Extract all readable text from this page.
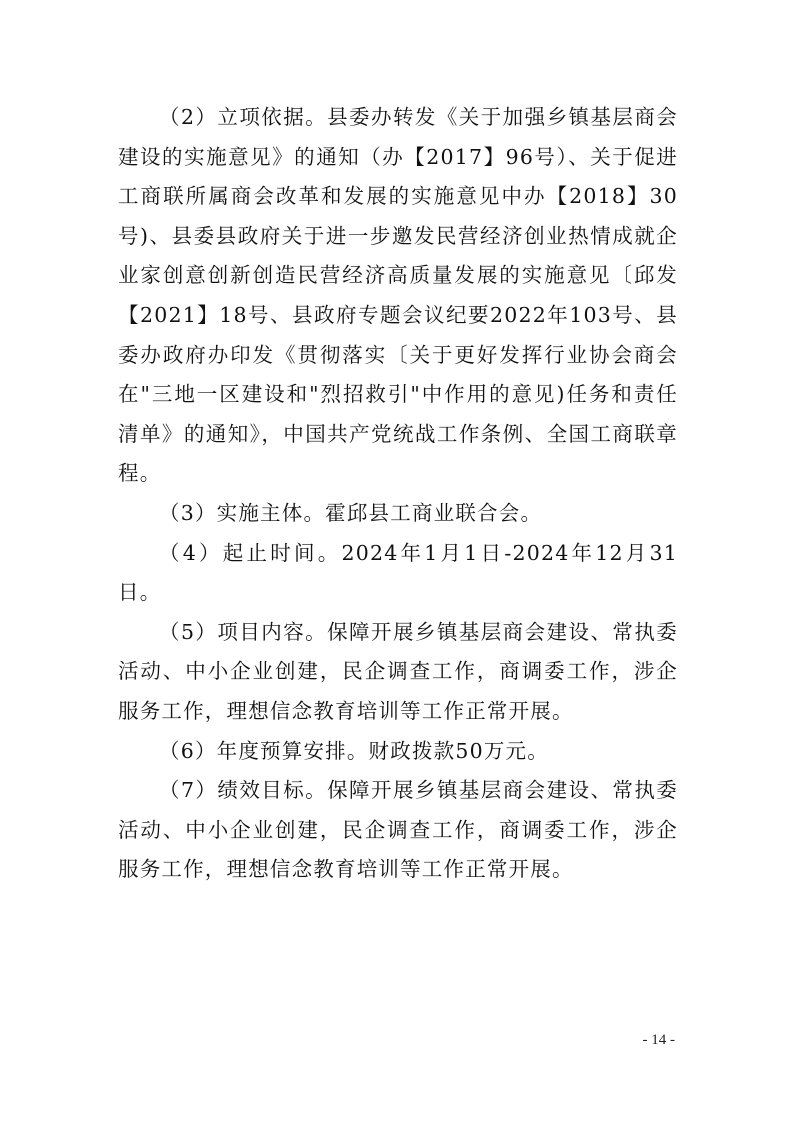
（2）立项依据。县委办转发《关于加强乡镇基层商会建设的实施意见》的通知（办【2017】96号）、关于促进工商联所属商会改革和发展的实施意见中办【2018】30号)、县委县政府关于进一步邀发民营经济创业热情成就企业家创意创新创造民营经济高质量发展的实施意见〔邱发【2021】18号、县政府专题会议纪要2022年103号、县委办政府办印发《贯彻落实〔关于更好发挥行业协会商会在"三地一区建设和"烈招救引"中作用的意见)任务和责任清单》的通知》，中国共产党统战工作条例、全国工商联章程。

（3）实施主体。霍邱县工商业联合会。

（4）起止时间。2024年1月1日-2024年12月31日。

（5）项目内容。保障开展乡镇基层商会建设、常执委活动、中小企业创建，民企调查工作，商调委工作，涉企服务工作，理想信念教育培训等工作正常开展。

（6）年度预算安排。财政拨款50万元。

（7）绩效目标。保障开展乡镇基层商会建设、常执委活动、中小企业创建，民企调查工作，商调委工作，涉企服务工作，理想信念教育培训等工作正常开展。

- 14 -
